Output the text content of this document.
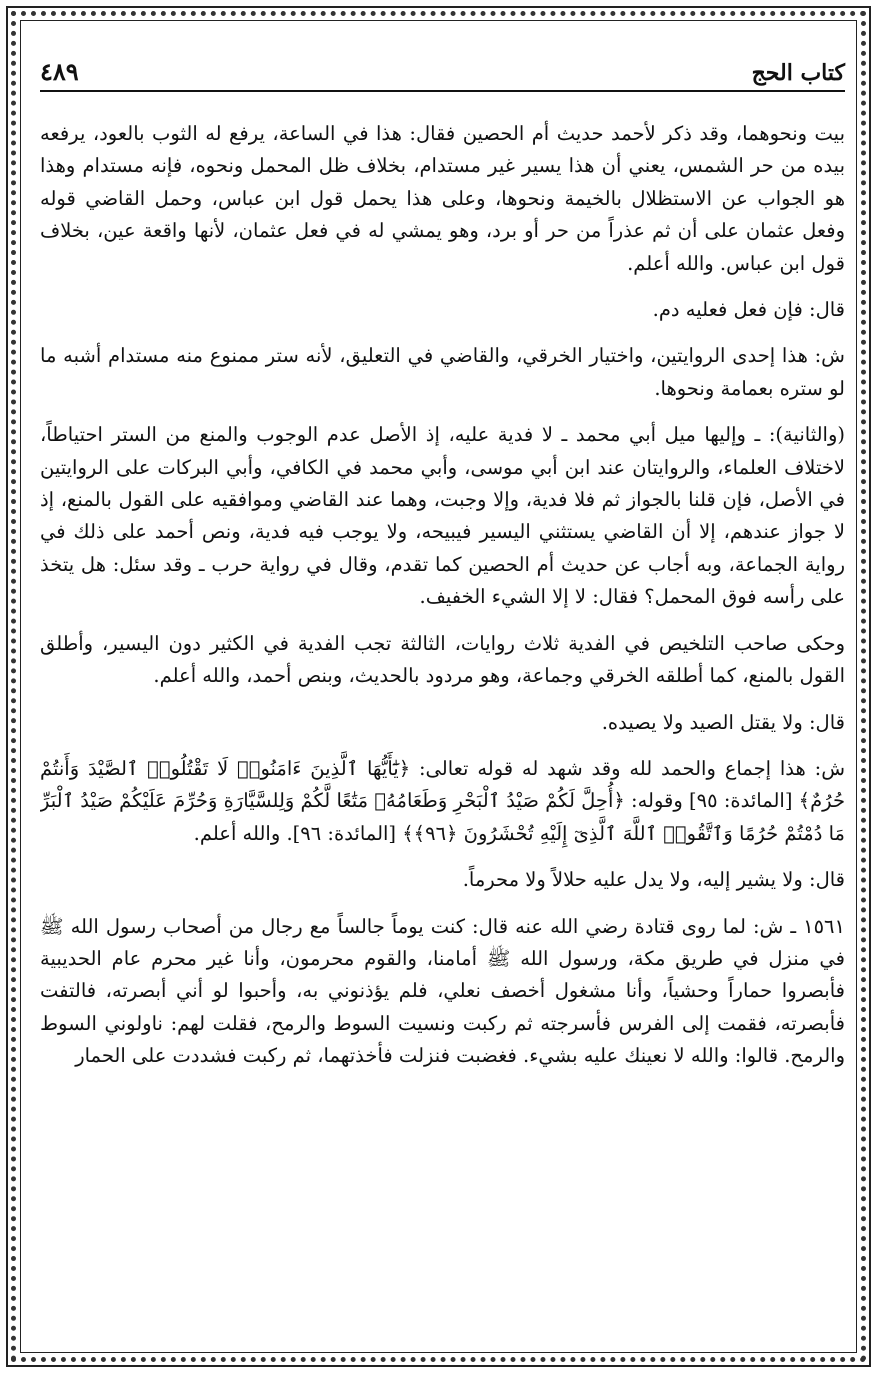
كتاب الحج
٤٨٩

بيت ونحوهما، وقد ذكر لأحمد حديث أم الحصين فقال: هذا في الساعة، يرفع له الثوب بالعود، يرفعه بيده من حر الشمس، يعني أن هذا يسير غير مستدام، بخلاف ظل المحمل ونحوه، فإنه مستدام وهذا هو الجواب عن الاستظلال بالخيمة ونحوها، وعلى هذا يحمل قول ابن عباس، وحمل القاضي قوله وفعل عثمان على أن ثم عذراً من حر أو برد، وهو يمشي له في فعل عثمان، لأنها واقعة عين، بخلاف قول ابن عباس. والله أعلم.

قال: فإن فعل فعليه دم.

ش: هذا إحدى الروايتين، واختيار الخرقي، والقاضي في التعليق، لأنه ستر ممنوع منه مستدام أشبه ما لو ستره بعمامة ونحوها.

(والثانية): ـ وإليها ميل أبي محمد ـ لا فدية عليه، إذ الأصل عدم الوجوب والمنع من الستر احتياطاً، لاختلاف العلماء، والروايتان عند ابن أبي موسى، وأبي محمد في الكافي، وأبي البركات على الروايتين في الأصل، فإن قلنا بالجواز ثم فلا فدية، وإلا وجبت، وهما عند القاضي وموافقيه على القول بالمنع، إذ لا جواز عندهم، إلا أن القاضي يستثني اليسير فيبيحه، ولا يوجب فيه فدية، ونص أحمد على ذلك في رواية الجماعة، وبه أجاب عن حديث أم الحصين كما تقدم، وقال في رواية حرب ـ وقد سئل: هل يتخذ على رأسه فوق المحمل؟ فقال: لا إلا الشيء الخفيف.

وحكى صاحب التلخيص في الفدية ثلاث روايات، الثالثة تجب الفدية في الكثير دون اليسير، وأطلق القول بالمنع، كما أطلقه الخرقي وجماعة، وهو مردود بالحديث، وبنص أحمد، والله أعلم.

قال: ولا يقتل الصيد ولا يصيده.

ش: هذا إجماع والحمد لله وقد شهد له قوله تعالى: ﴿يَٰٓأَيُّهَا ٱلَّذِينَ ءَامَنُوا۟ لَا تَقْتُلُوا۟ ٱلصَّيْدَ وَأَنتُمْ حُرُمٌ﴾ [المائدة: ٩٥] وقوله: ﴿أُحِلَّ لَكُمْ صَيْدُ ٱلْبَحْرِ وَطَعَامُهُۥ مَتَٰعًا لَّكُمْ وَلِلسَّيَّارَةِ وَحُرِّمَ عَلَيْكُمْ صَيْدُ ٱلْبَرِّ مَا دُمْتُمْ حُرُمًا وَٱتَّقُوا۟ ٱللَّهَ ٱلَّذِىٓ إِلَيْهِ تُحْشَرُونَ ﴿٩٦﴾﴾ [المائدة: ٩٦]. والله أعلم.

قال: ولا يشير إليه، ولا يدل عليه حلالاً ولا محرماً.

١٥٦١ ـ ش: لما روى قتادة رضي الله عنه قال: كنت يوماً جالساً مع رجال من أصحاب رسول الله ﷺ في منزل في طريق مكة، ورسول الله ﷺ أمامنا، والقوم محرمون، وأنا غير محرم عام الحديبية فأبصروا حماراً وحشياً، وأنا مشغول أخصف نعلي، فلم يؤذنوني به، وأحبوا لو أني أبصرته، فالتفت فأبصرته، فقمت إلى الفرس فأسرجته ثم ركبت ونسيت السوط والرمح، فقلت لهم: ناولوني السوط والرمح. قالوا: والله لا نعينك عليه بشيء. فغضبت فنزلت فأخذتهما، ثم ركبت فشددت على الحمار
